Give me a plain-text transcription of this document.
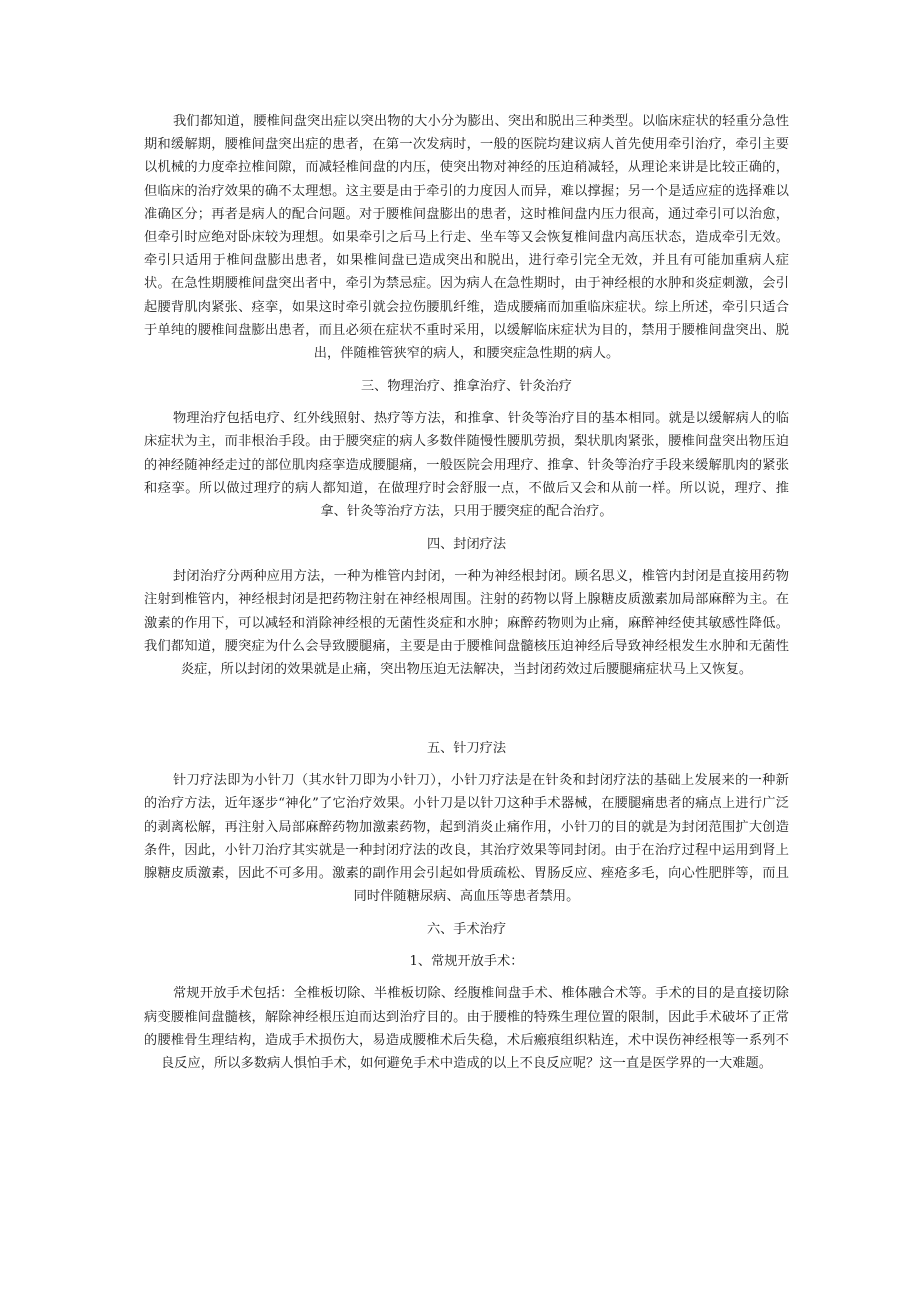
我们都知道，腰椎间盘突出症以突出物的大小分为膨出、突出和脱出三种类型。以临床症状的轻重分急性期和缓解期，腰椎间盘突出症的患者，在第一次发病时，一般的医院均建议病人首先使用牵引治疗，牵引主要以机械的力度牵拉椎间隙，而减轻椎间盘的内压，使突出物对神经的压迫稍减轻，从理论来讲是比较正确的，但临床的治疗效果的确不太理想。这主要是由于牵引的力度因人而异，难以撑握；另一个是适应症的选择难以准确区分；再者是病人的配合问题。对于腰椎间盘膨出的患者，这时椎间盘内压力很高，通过牵引可以治愈，但牵引时应绝对卧床较为理想。如果牵引之后马上行走、坐车等又会恢复椎间盘内高压状态，造成牵引无效。牵引只适用于椎间盘膨出患者，如果椎间盘已造成突出和脱出，进行牵引完全无效，并且有可能加重病人症状。在急性期腰椎间盘突出者中，牵引为禁忌症。因为病人在急性期时，由于神经根的水肿和炎症刺激，会引起腰背肌肉紧张、痉挛，如果这时牵引就会拉伤腰肌纤维，造成腰痛而加重临床症状。综上所述，牵引只适合于单纯的腰椎间盘膨出患者，而且必须在症状不重时采用，以缓解临床症状为目的，禁用于腰椎间盘突出、脱出，伴随椎管狭窄的病人，和腰突症急性期的病人。

三、物理治疗、推拿治疗、针灸治疗

物理治疗包括电疗、红外线照射、热疗等方法，和推拿、针灸等治疗目的基本相同。就是以缓解病人的临床症状为主，而非根治手段。由于腰突症的病人多数伴随慢性腰肌劳损，梨状肌肉紧张，腰椎间盘突出物压迫的神经随神经走过的部位肌肉痉挛造成腰腿痛，一般医院会用理疗、推拿、针灸等治疗手段来缓解肌肉的紧张和痉挛。所以做过理疗的病人都知道，在做理疗时会舒服一点，不做后又会和从前一样。所以说，理疗、推拿、针灸等治疗方法，只用于腰突症的配合治疗。

四、封闭疗法

封闭治疗分两种应用方法，一种为椎管内封闭，一种为神经根封闭。顾名思义，椎管内封闭是直接用药物注射到椎管内，神经根封闭是把药物注射在神经根周围。注射的药物以肾上腺糖皮质激素加局部麻醉为主。在激素的作用下，可以减轻和消除神经根的无菌性炎症和水肿；麻醉药物则为止痛，麻醉神经使其敏感性降低。我们都知道，腰突症为什么会导致腰腿痛，主要是由于腰椎间盘髓核压迫神经后导致神经根发生水肿和无菌性炎症，所以封闭的效果就是止痛，突出物压迫无法解决，当封闭药效过后腰腿痛症状马上又恢复。

五、针刀疗法

针刀疗法即为小针刀（其水针刀即为小针刀），小针刀疗法是在针灸和封闭疗法的基础上发展来的一种新的治疗方法，近年逐步“神化”了它治疗效果。小针刀是以针刀这种手术器械，在腰腿痛患者的痛点上进行广泛的剥离松解，再注射入局部麻醉药物加激素药物，起到消炎止痛作用，小针刀的目的就是为封闭范围扩大创造条件，因此，小针刀治疗其实就是一种封闭疗法的改良，其治疗效果等同封闭。由于在治疗过程中运用到肾上腺糖皮质激素，因此不可多用。激素的副作用会引起如骨质疏松、胃肠反应、痤疮多毛，向心性肥胖等，而且同时伴随糖尿病、高血压等患者禁用。

六、手术治疗

1、常规开放手术：

常规开放手术包括：全椎板切除、半椎板切除、经腹椎间盘手术、椎体融合术等。手术的目的是直接切除病变腰椎间盘髓核，解除神经根压迫而达到治疗目的。由于腰椎的特殊生理位置的限制，因此手术破坏了正常的腰椎骨生理结构，造成手术损伤大，易造成腰椎术后失稳，术后瘢痕组织粘连，术中误伤神经根等一系列不良反应，所以多数病人惧怕手术，如何避免手术中造成的以上不良反应呢？这一直是医学界的一大难题。
